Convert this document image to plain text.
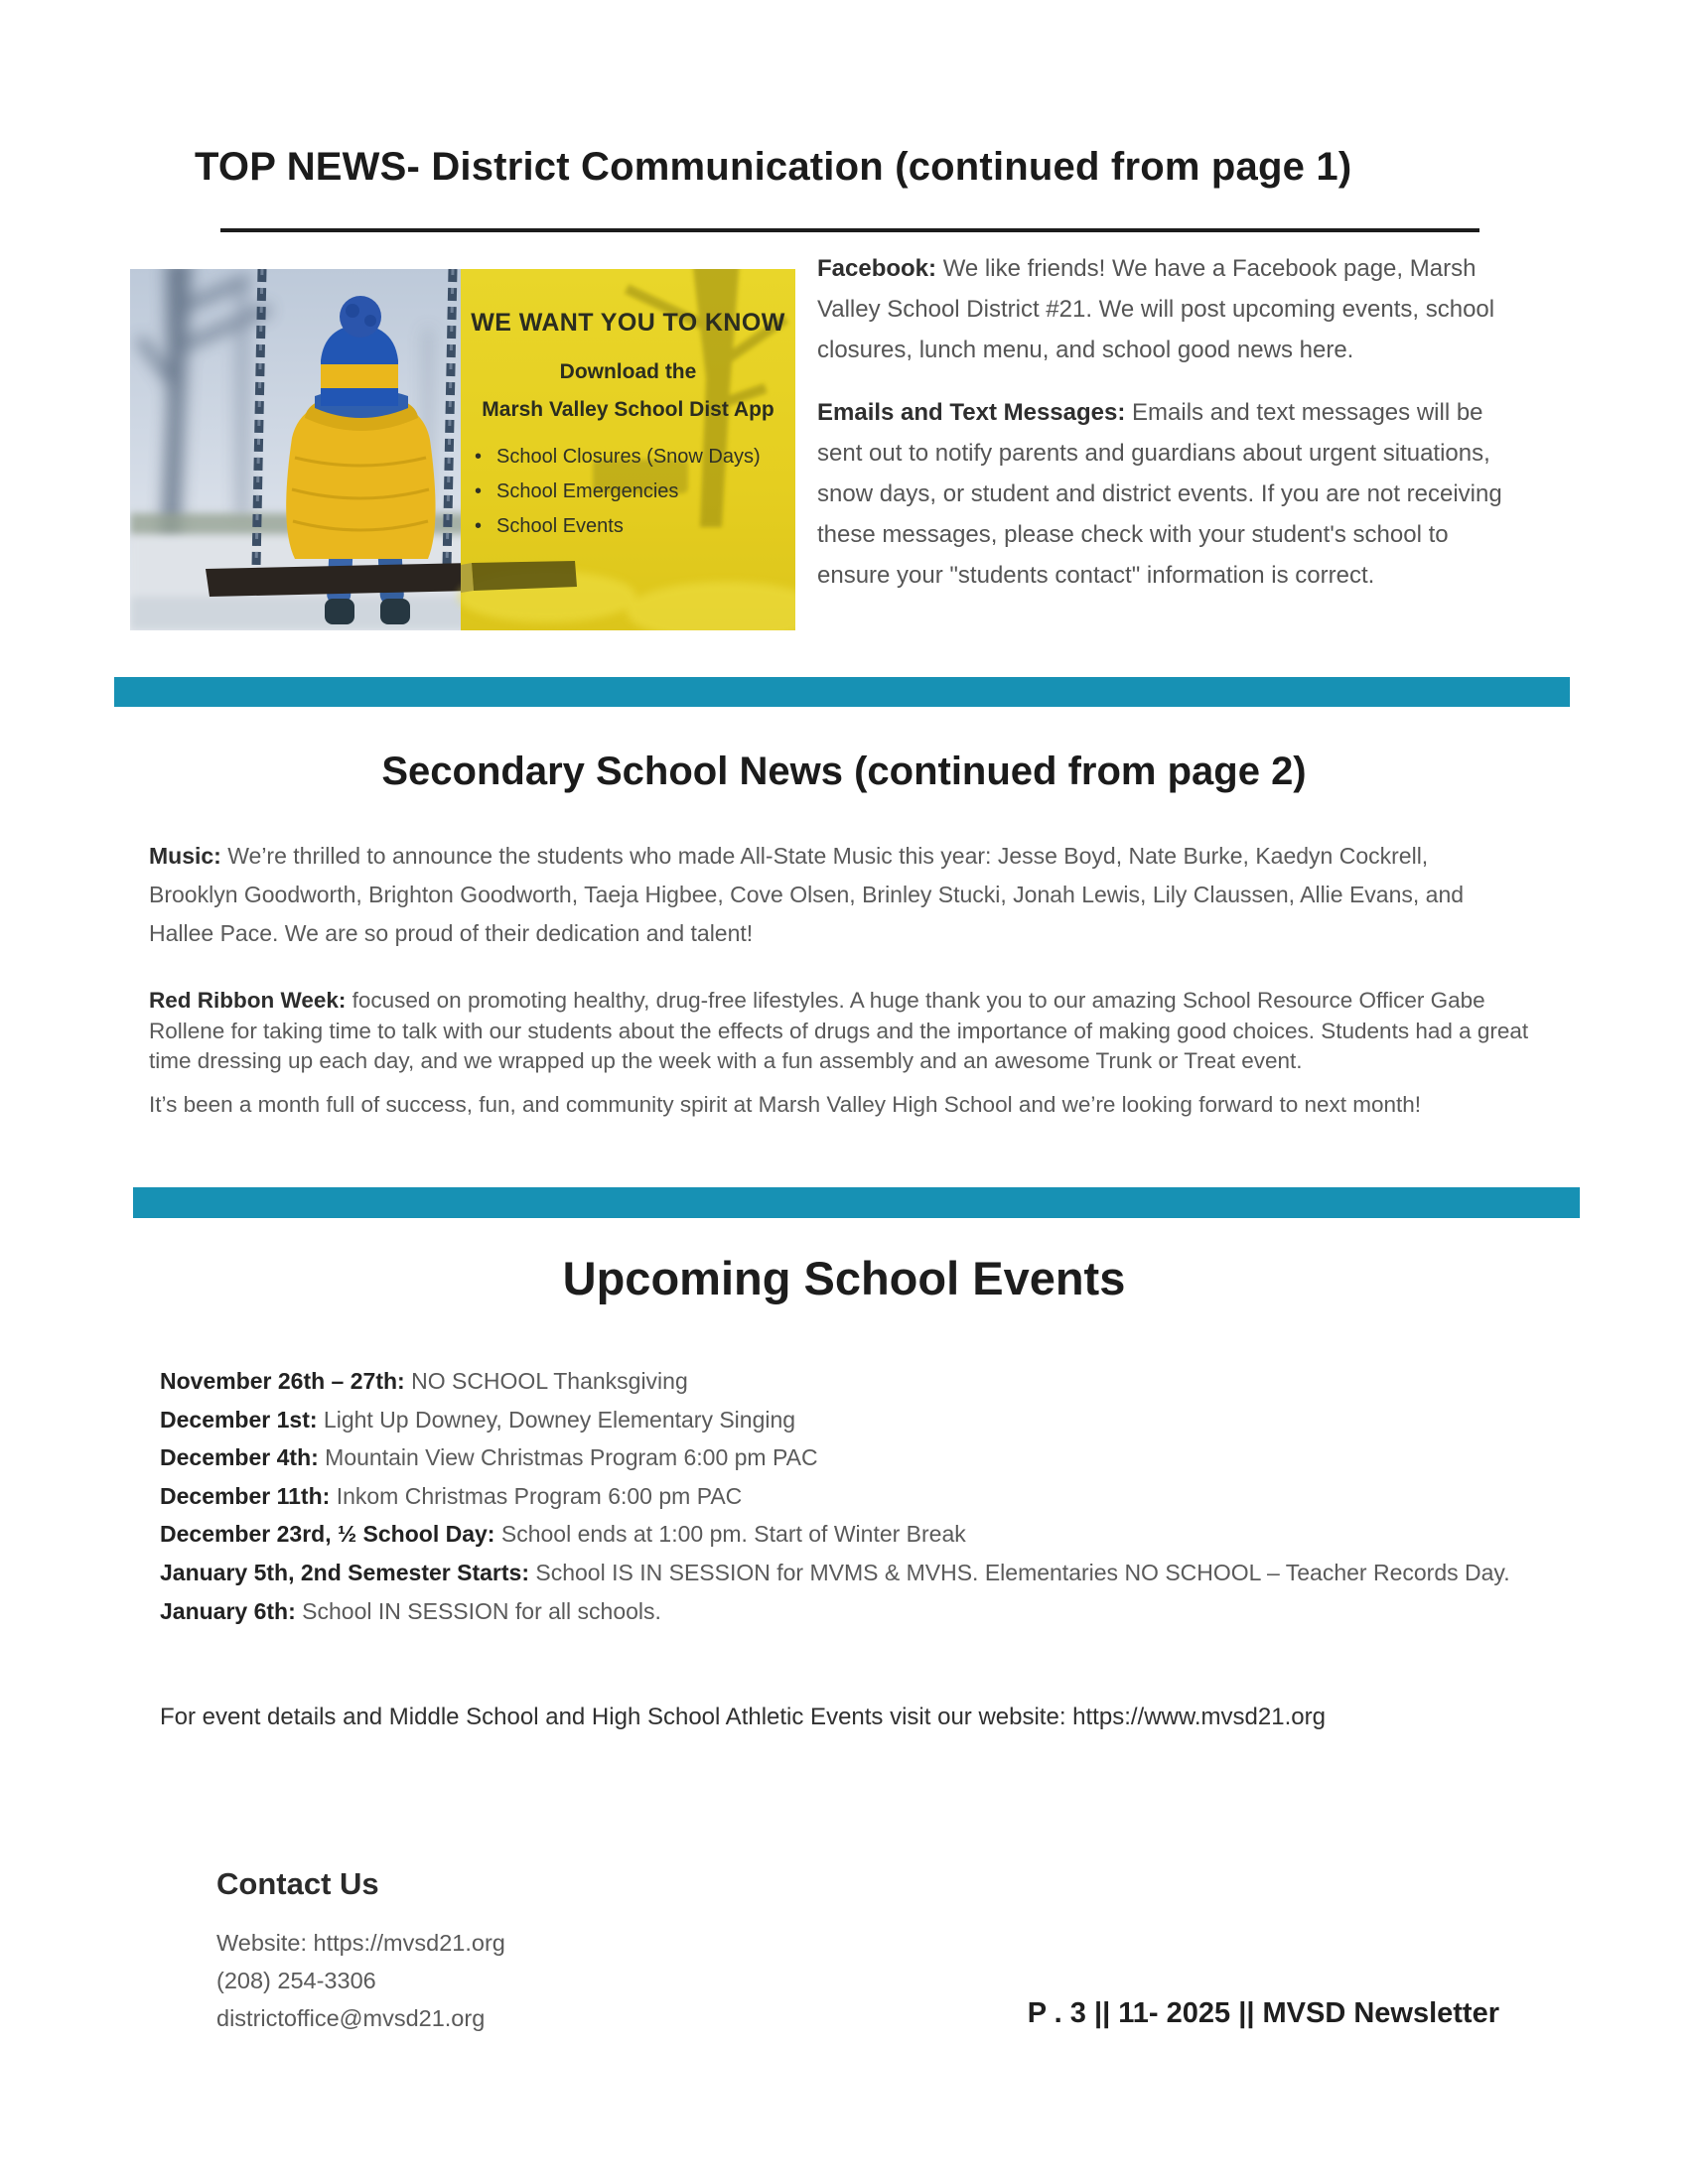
TOP NEWS- District Communication (continued from page 1)
WE WANT YOU TO KNOW
Download the
Marsh Valley School Dist App
• School Closures (Snow Days)
• School Emergencies
• School Events

Facebook: We like friends! We have a Facebook page, Marsh Valley School District #21. We will post upcoming events, school closures, lunch menu, and school good news here.

Emails and Text Messages: Emails and text messages will be sent out to notify parents and guardians about urgent situations, snow days, or student and district events. If you are not receiving these messages, please check with your student's school to ensure your "students contact" information is correct.

Secondary School News (continued from page 2)

Music: We’re thrilled to announce the students who made All-State Music this year: Jesse Boyd, Nate Burke, Kaedyn Cockrell, Brooklyn Goodworth, Brighton Goodworth, Taeja Higbee, Cove Olsen, Brinley Stucki, Jonah Lewis, Lily Claussen, Allie Evans, and Hallee Pace. We are so proud of their dedication and talent!

Red Ribbon Week: focused on promoting healthy, drug-free lifestyles. A huge thank you to our amazing School Resource Officer Gabe Rollene for taking time to talk with our students about the effects of drugs and the importance of making good choices. Students had a great time dressing up each day, and we wrapped up the week with a fun assembly and an awesome Trunk or Treat event.

It’s been a month full of success, fun, and community spirit at Marsh Valley High School and we’re looking forward to next month!

Upcoming School Events
November 26th – 27th: NO SCHOOL Thanksgiving
December 1st: Light Up Downey, Downey Elementary Singing
December 4th: Mountain View Christmas Program 6:00 pm PAC
December 11th: Inkom Christmas Program 6:00 pm PAC
December 23rd, ½ School Day: School ends at 1:00 pm. Start of Winter Break
January 5th, 2nd Semester Starts: School IS IN SESSION for MVMS & MVHS. Elementaries NO SCHOOL – Teacher Records Day.
January 6th: School IN SESSION for all schools.

For event details and Middle School and High School Athletic Events visit our website: https://www.mvsd21.org

Contact Us
Website: https://mvsd21.org
(208) 254-3306
districtoffice@mvsd21.org	P . 3 || 11- 2025 || MVSD Newsletter
